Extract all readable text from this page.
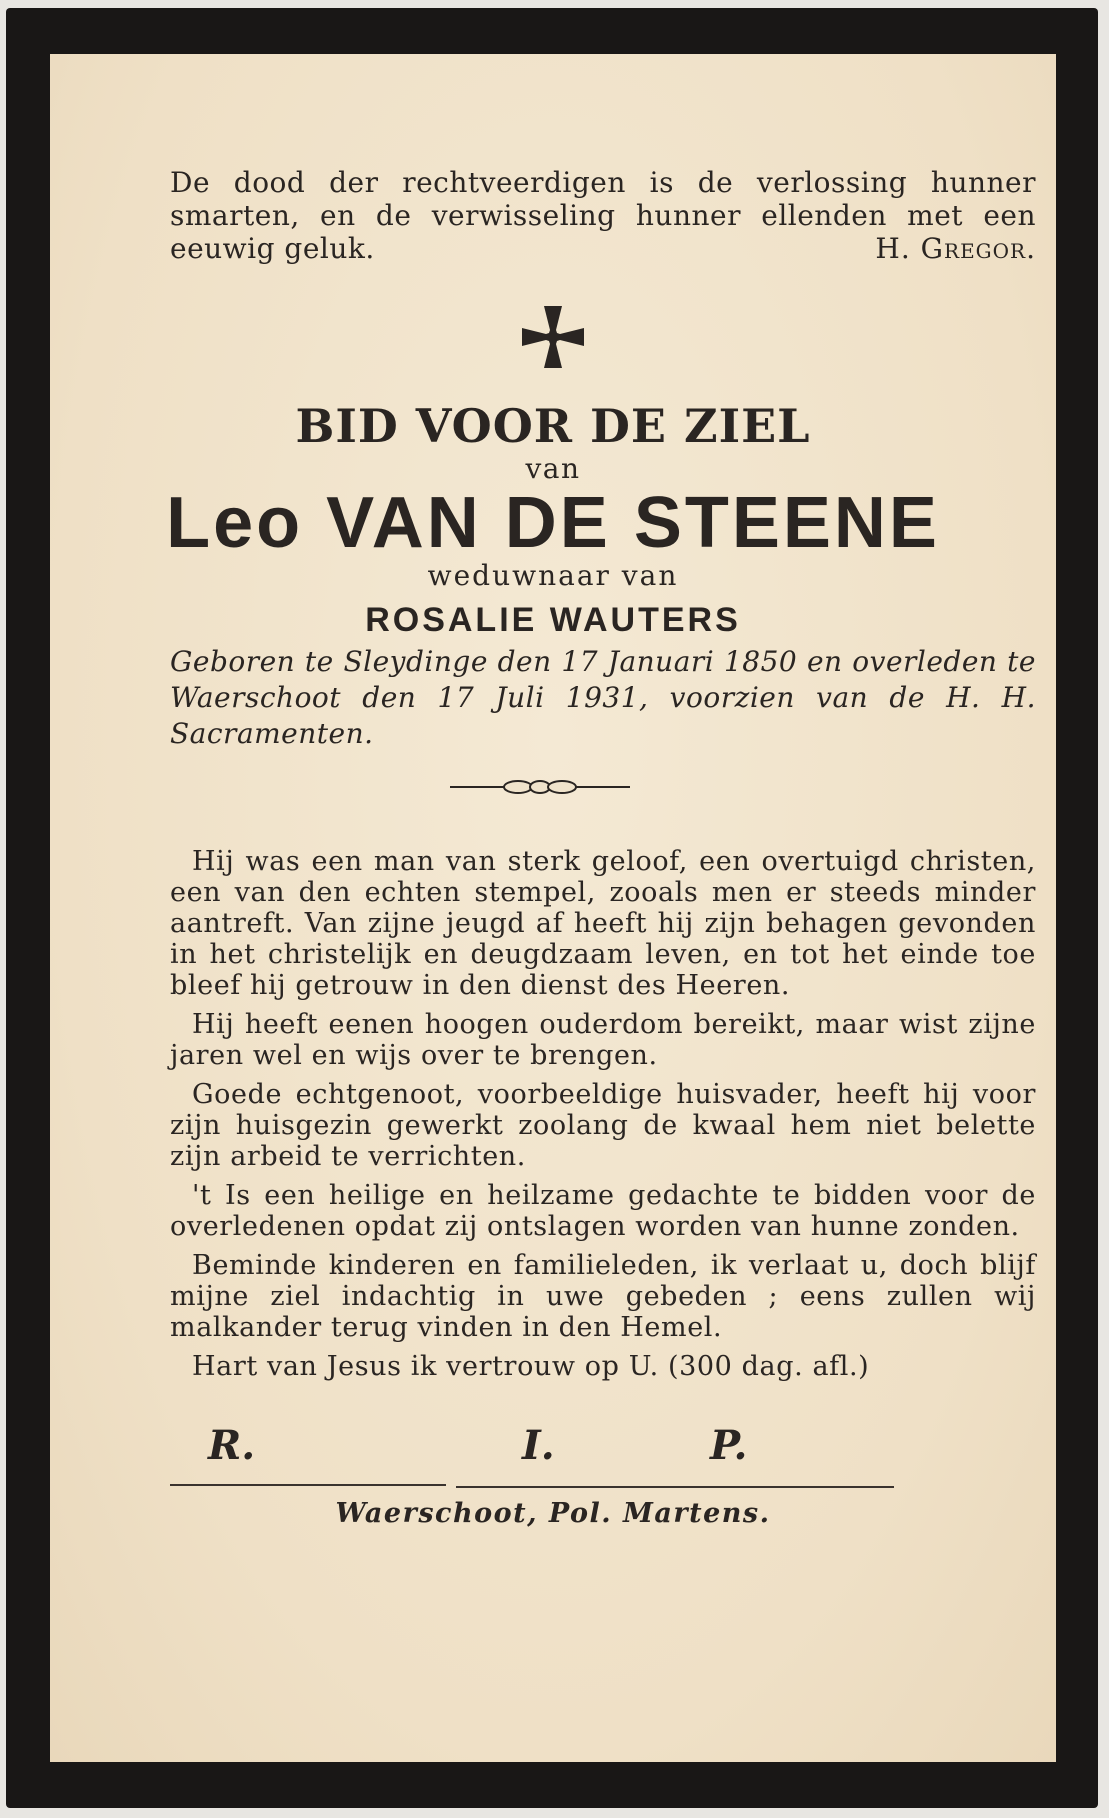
De dood der rechtveerdigen is de verlossing hunner smarten, en de verwisseling hunner ellenden met een eeuwig geluk.	H. Gregor.
BID VOOR DE ZIEL
van
Leo VAN DE STEENE
weduwnaar van
ROSALIE WAUTERS
Geboren te Sleydinge den 17 Januari 1850 en overleden te Waerschoot den 17 Juli 1931, voorzien van de H. H. Sacramenten.

Hij was een man van sterk geloof, een overtuigd christen, een van den echten stempel, zooals men er steeds minder aantreft. Van zijne jeugd af heeft hij zijn behagen gevonden in het christelijk en deugdzaam leven, en tot het einde toe bleef hij getrouw in den dienst des Heeren.

Hij heeft eenen hoogen ouderdom bereikt, maar wist zijne jaren wel en wijs over te brengen.

Goede echtgenoot, voorbeeldige huisvader, heeft hij voor zijn huisgezin gewerkt zoolang de kwaal hem niet belette zijn arbeid te verrichten.

't Is een heilige en heilzame gedachte te bidden voor de overledenen opdat zij ontslagen worden van hunne zonden.

Beminde kinderen en familieleden, ik verlaat u, doch blijf mijne ziel indachtig in uwe gebeden ; eens zullen wij malkander terug vinden in den Hemel.

Hart van Jesus ik vertrouw op U. (300 dag. afl.)

R.	I.	P.
Waerschoot, Pol. Martens.
